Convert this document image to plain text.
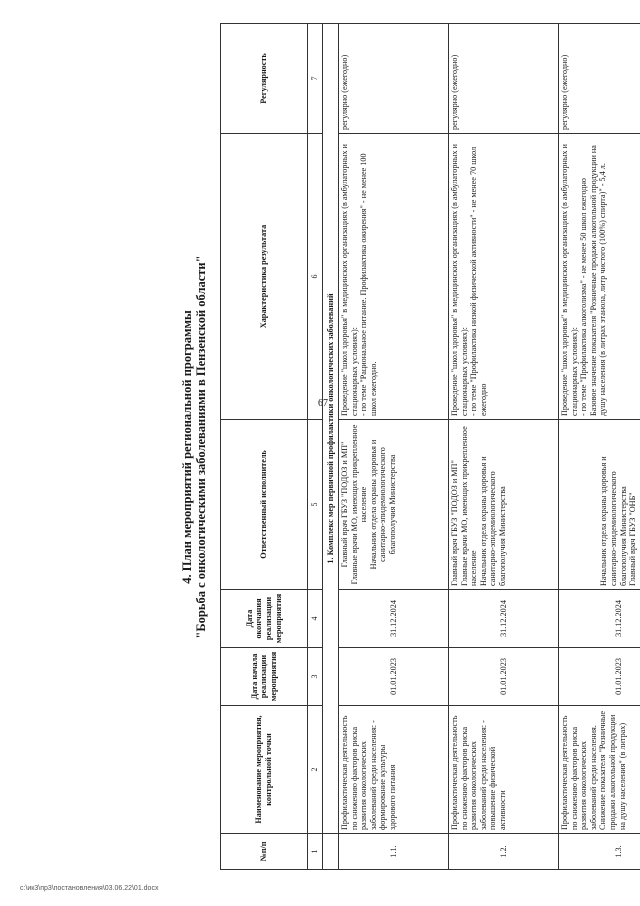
67
4. План мероприятий региональной программы "Борьба с онкологическими заболеваниями в Пензенской области"
№п/п	Наименование мероприятия, контрольной точки	Дата начала реализации мероприятия	Дата окончания реализации мероприятия	Ответственный исполнитель	Характеристика результата	Регулярность
1	2	3	4	5	6	7
	1. Комплекс мер первичной профилактики онкологических заболеваний					
1.1.	Профилактическая деятельность по снижению факторов риска развития онкологических заболеваний среди населения: - формирование культуры здорового питания	01.01.2023	31.12.2024	Главный врач ГБУЗ "ПОДОЗ и МП"
Главные врачи МО, имеющих прикрепленное население
Начальник отдела охраны здоровья и санитарно-эпидемиологического благополучия Министерства	Проведение "школ здоровья" в медицинских организациях (в амбулаторных и стационарных условиях):
- по теме "Рациональное питание. Профилактика ожирения" - не менее 100 школ ежегодно.	регулярно (ежегодно)
1.2.	Профилактическая деятельность по снижению факторов риска развития онкологических заболеваний среди населения: - повышение физической активности	01.01.2023	31.12.2024	Главный врач ГБУЗ "ПОДОЗ и МП"
Главные врачи МО, имеющих прикрепленное население
Начальник отдела охраны здоровья и санитарно-эпидемиологического благополучия Министерства	Проведение "школ здоровья" в медицинских организациях (в амбулаторных и стационарных условиях):
- по теме "Профилактика низкой физической активности" - не менее 70 школ ежегодно	регулярно (ежегодно)
1.3.	Профилактическая деятельность по снижению факторов риска развития онкологических заболеваний среди населения. Снижение показателя "Розничные продажи алкогольной продукции на душу населения" (в литрах)	01.01.2023	31.12.2024	Начальник отдела охраны здоровья и санитарно-эпидемиологического благополучия Министерства
Главный врач ГБУЗ "ОНБ"	Проведение "школ здоровья" в медицинских организациях (в амбулаторных и стационарных условиях):
- по теме "Профилактика алкоголизма" - не менее 50 школ ежегодно
Базовое значение показателя "Розничные продажи алкогольной продукции на душу населения (в литрах этанола, литр чистого (100%) спирта)" - 5,4 л.	регулярно (ежегодно)
c:\ик3\пр3\постановления\03.06.22\01.docx
